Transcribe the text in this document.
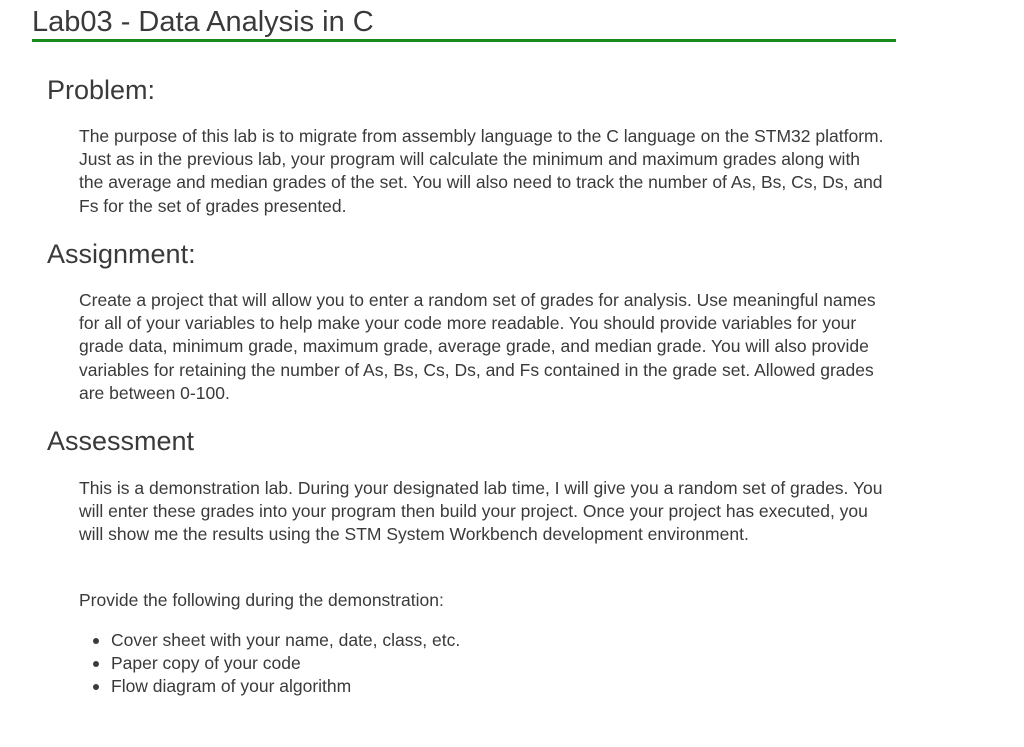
Lab03 - Data Analysis in C
Problem:

The purpose of this lab is to migrate from assembly language to the C language on the STM32 platform. Just as in the previous lab, your program will calculate the minimum and maximum grades along with the average and median grades of the set. You will also need to track the number of As, Bs, Cs, Ds, and Fs for the set of grades presented.

Assignment:

Create a project that will allow you to enter a random set of grades for analysis. Use meaningful names for all of your variables to help make your code more readable. You should provide variables for your grade data, minimum grade, maximum grade, average grade, and median grade. You will also provide variables for retaining the number of As, Bs, Cs, Ds, and Fs contained in the grade set. Allowed grades are between 0-100.

Assessment

This is a demonstration lab. During your designated lab time, I will give you a random set of grades. You will enter these grades into your program then build your project. Once your project has executed, you will show me the results using the STM System Workbench development environment.

Provide the following during the demonstration:

Cover sheet with your name, date, class, etc.
Paper copy of your code
Flow diagram of your algorithm
